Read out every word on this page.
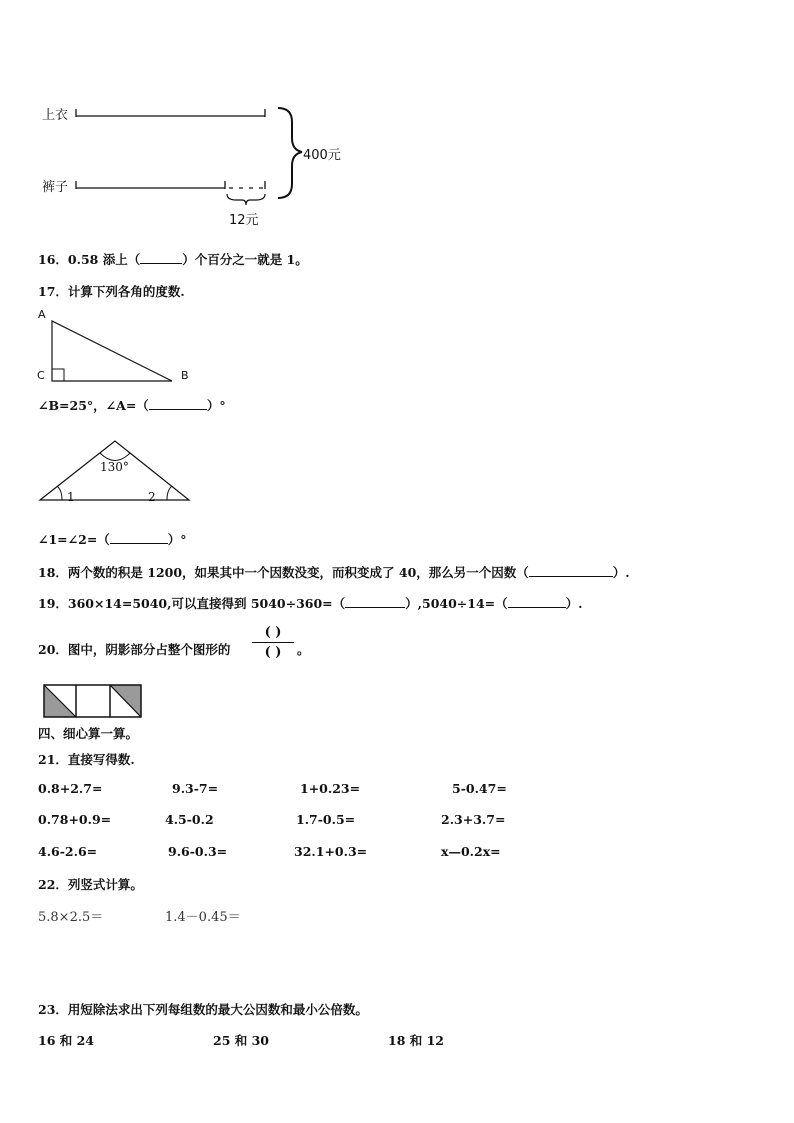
上衣
裤子
400元
12元
16．0.58 添上（	）个百分之一就是 1。
17．计算下列各角的度数.
A
C	B
∠B=25°，∠A=（	）°
130°
1	2
∠1=∠2=（	）°
18．两个数的积是 1200，如果其中一个因数没变，而积变成了 40，那么另一个因数（	）.
19．360×14=5040,可以直接得到 5040÷360=（	）,5040÷14=（	）.
20．图中，阴影部分占整个图形的
( )
( )	。
四、细心算一算。
21．直接写得数.
0.8+2.7=	9.3-7=	1+0.23=	5-0.47=
0.78+0.9=	4.5-0.2	1.7-0.5=	2.3+3.7=
4.6-2.6=	9.6-0.3=	32.1+0.3=	x—0.2x=
22．列竖式计算。
5.8×2.5＝	1.4－0.45＝
23．用短除法求出下列每组数的最大公因数和最小公倍数。
16 和 24	25 和 30	18 和 12
